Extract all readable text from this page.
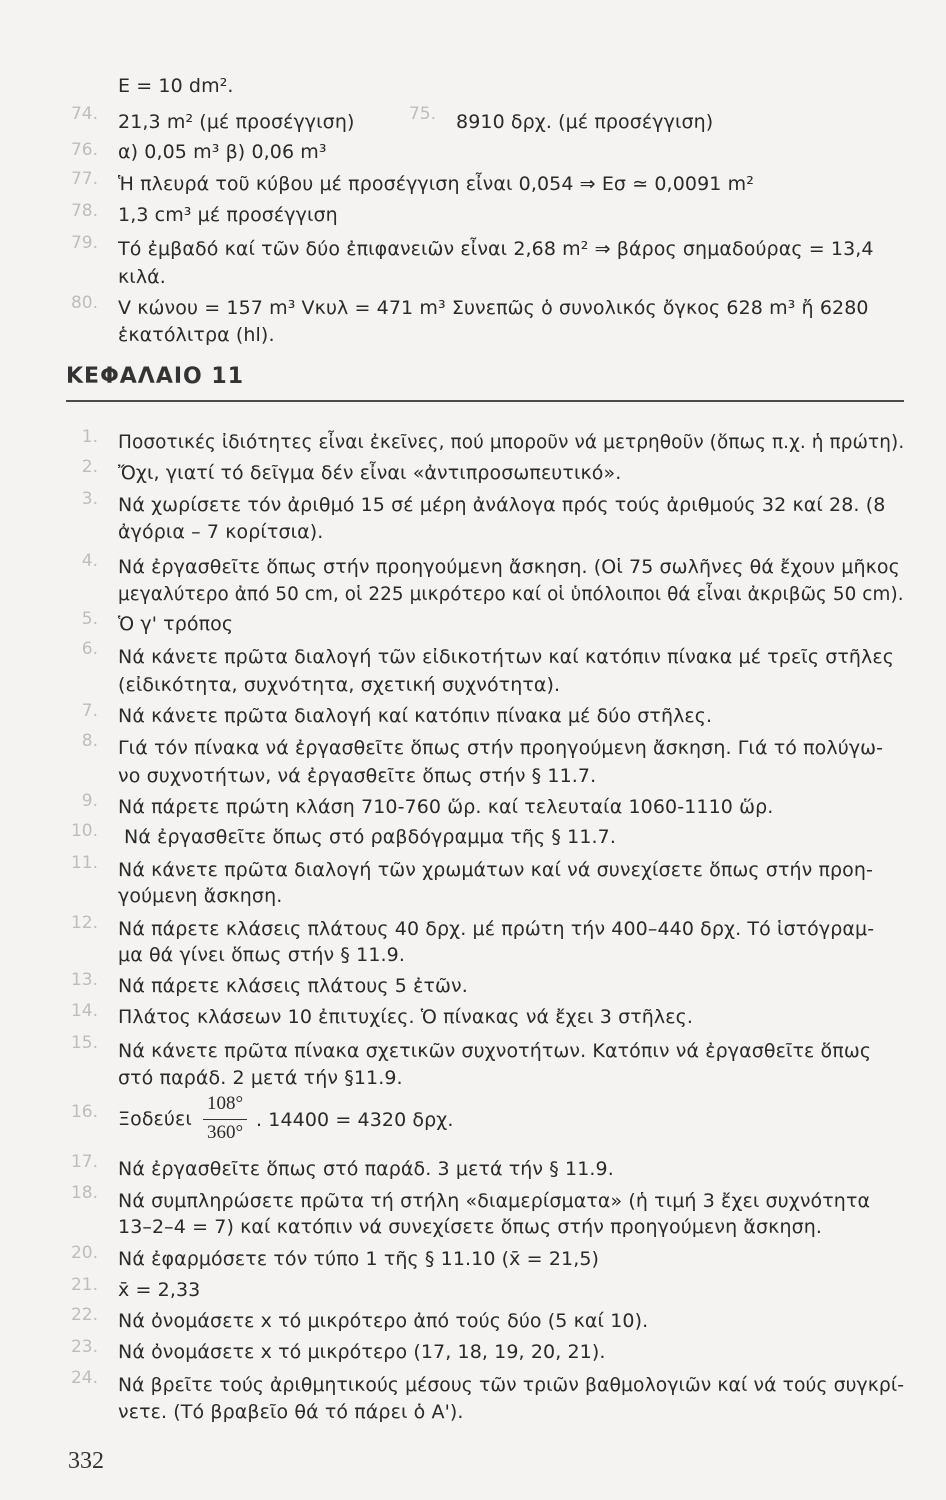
E = 10 dm².
74. 21,3 m² (μέ προσέγγιση)	75. 8910 δρχ. (μέ προσέγγιση)
76. α) 0,05 m³ β) 0,06 m³
77. Ἡ πλευρά τοῦ κύβου μέ προσέγγιση εἶναι 0,054 ⇒ Eσ ≃ 0,0091 m²
78. 1,3 cm³ μέ προσέγγιση
79. Τό ἐμβαδό καί τῶν δύο ἐπιφανειῶν εἶναι 2,68 m² ⇒ βάρος σημαδούρας = 13,4
κιλά.
80. V κώνου = 157 m³ Vκυλ = 471 m³ Συνεπῶς ὁ συνολικός ὄγκος 628 m³ ἤ 6280
ἑκατόλιτρα (hl).
ΚΕΦΑΛΑΙΟ 11
1. Ποσοτικές ἰδιότητες εἶναι ἐκεῖνες, πού μποροῦν νά μετρηθοῦν (ὅπως π.χ. ἡ πρώτη).
2. Ὄχι, γιατί τό δεῖγμα δέν εἶναι «ἀντιπροσωπευτικό».
3. Νά χωρίσετε τόν ἀριθμό 15 σέ μέρη ἀνάλογα πρός τούς ἀριθμούς 32 καί 28. (8
ἀγόρια – 7 κορίτσια).
4. Νά ἐργασθεῖτε ὅπως στήν προηγούμενη ἄσκηση. (Οἱ 75 σωλῆνες θά ἔχουν μῆκος
μεγαλύτερο ἀπό 50 cm, οἱ 225 μικρότερο καί οἱ ὑπόλοιποι θά εἶναι ἀκριβῶς 50 cm).
5. Ὁ γ' τρόπος
6. Νά κάνετε πρῶτα διαλογή τῶν εἰδικοτήτων καί κατόπιν πίνακα μέ τρεῖς στῆλες
(εἰδικότητα, συχνότητα, σχετική συχνότητα).
7. Νά κάνετε πρῶτα διαλογή καί κατόπιν πίνακα μέ δύο στῆλες.
8. Γιά τόν πίνακα νά ἐργασθεῖτε ὅπως στήν προηγούμενη ἄσκηση. Γιά τό πολύγω-
νο συχνοτήτων, νά ἐργασθεῖτε ὅπως στήν § 11.7.
9. Νά πάρετε πρώτη κλάση 710-760 ὥρ. καί τελευταία 1060-1110 ὥρ.
10. Νά ἐργασθεῖτε ὅπως στό ραβδόγραμμα τῆς § 11.7.
11. Νά κάνετε πρῶτα διαλογή τῶν χρωμάτων καί νά συνεχίσετε ὅπως στήν προη-
γούμενη ἄσκηση.
12. Νά πάρετε κλάσεις πλάτους 40 δρχ. μέ πρώτη τήν 400–440 δρχ. Τό ἱστόγραμ-
μα θά γίνει ὅπως στήν § 11.9.
13. Νά πάρετε κλάσεις πλάτους 5 ἐτῶν.
14. Πλάτος κλάσεων 10 ἐπιτυχίες. Ὁ πίνακας νά ἔχει 3 στῆλες.
15. Νά κάνετε πρῶτα πίνακα σχετικῶν συχνοτήτων. Κατόπιν νά ἐργασθεῖτε ὅπως
στό παράδ. 2 μετά τήν §11.9.
16. Ξοδεύει
108°
360°
. 14400 = 4320 δρχ.
17. Νά ἐργασθεῖτε ὅπως στό παράδ. 3 μετά τήν § 11.9.
18. Νά συμπληρώσετε πρῶτα τή στήλη «διαμερίσματα» (ἡ τιμή 3 ἔχει συχνότητα
13–2–4 = 7) καί κατόπιν νά συνεχίσετε ὅπως στήν προηγούμενη ἄσκηση.
20. Νά ἐφαρμόσετε τόν τύπο 1 τῆς § 11.10 (x̄ = 21,5)
21. x̄ = 2,33
22. Νά ὀνομάσετε x τό μικρότερο ἀπό τούς δύο (5 καί 10).
23. Νά ὀνομάσετε x τό μικρότερο (17, 18, 19, 20, 21).
24. Νά βρεῖτε τούς ἀριθμητικούς μέσους τῶν τριῶν βαθμολογιῶν καί νά τούς συγκρί-
νετε. (Τό βραβεῖο θά τό πάρει ὁ Α').
332
